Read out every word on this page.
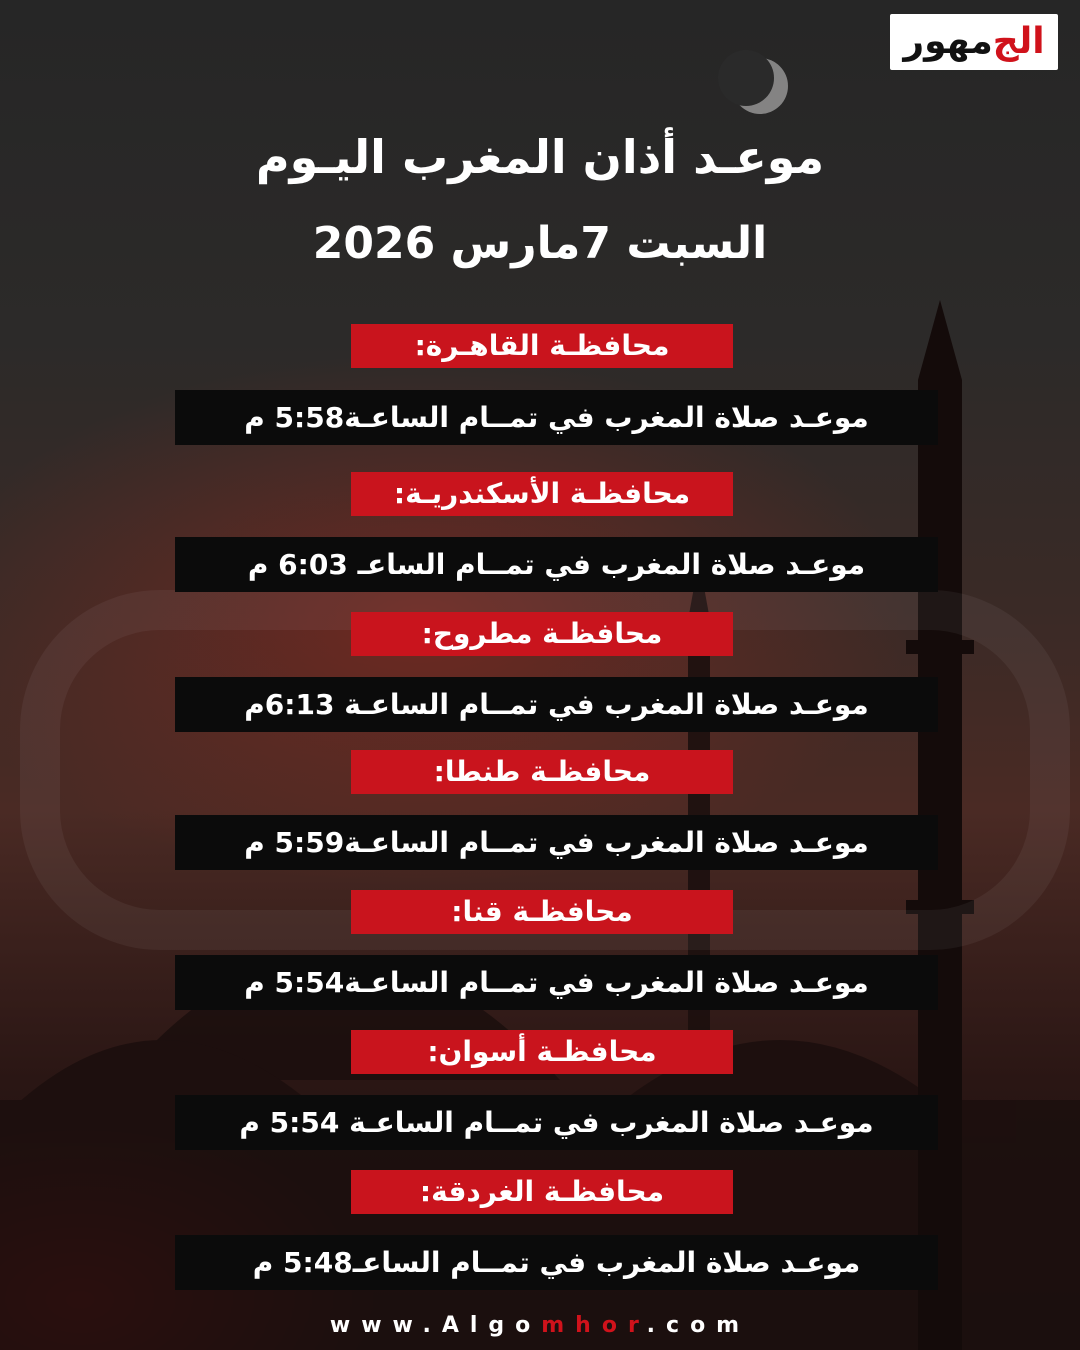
الج
مهور
موعـد أذان المغرب اليـوم
السبت 7مارس 2026
محافظـة القاهـرة:
موعـد صلاة المغرب في تمــام الساعـة5:58 م
محافظـة الأسكندريـة:
موعـد صلاة المغرب في تمــام الساعـ 6:03 م
محافظـة مطروح:
موعـد صلاة المغرب في تمــام الساعـة 6:13م
محافظـة طنطا:
موعـد صلاة المغرب في تمــام الساعـة5:59 م
محافظـة قنا:
موعـد صلاة المغرب في تمــام الساعـة5:54 م
محافظـة أسوان:
موعـد صلاة المغرب في تمــام الساعـة 5:54 م
محافظـة الغردقة:
موعـد صلاة المغرب في تمــام الساعـ5:48 م
www.Algomhor.com
